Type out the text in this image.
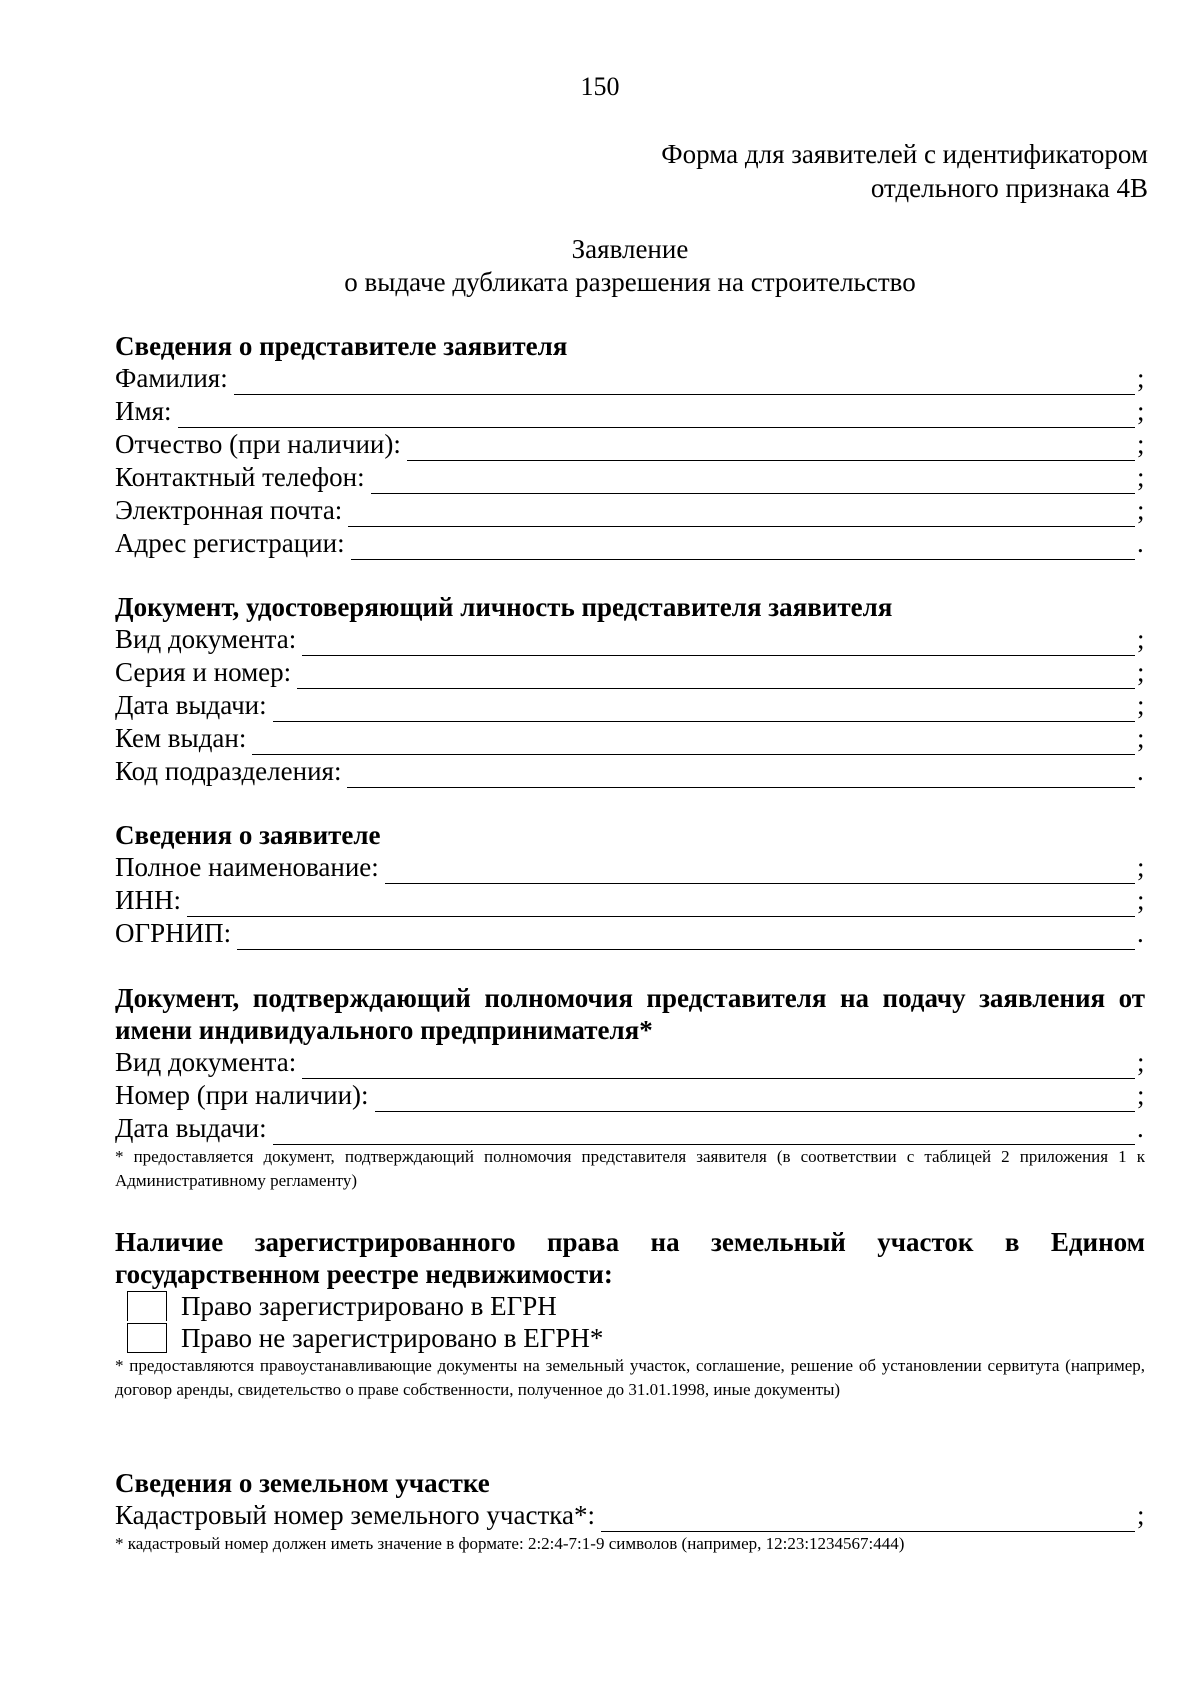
150
Форма для заявителей с идентификатором
отдельного признака 4В
Заявление
о выдаче дубликата разрешения на строительство
Сведения о представителе заявителя
Фамилия:	;
Имя:	;
Отчество (при наличии):	;
Контактный телефон:	;
Электронная почта:	;
Адрес регистрации:	.
Документ, удостоверяющий личность представителя заявителя
Вид документа:	;
Серия и номер:	;
Дата выдачи:	;
Кем выдан:	;
Код подразделения:	.
Сведения о заявителе
Полное наименование:	;
ИНН:	;
ОГРНИП:	.
Документ, подтверждающий полномочия представителя на подачу заявления от имени индивидуального предпринимателя*
Вид документа:	;
Номер (при наличии):	;
Дата выдачи:	.
* предоставляется документ, подтверждающий полномочия представителя заявителя (в соответствии с таблицей 2 приложения 1 к Административному регламенту)
Наличие зарегистрированного права на земельный участок в Едином
государственном реестре недвижимости:
Право зарегистрировано в ЕГРН
Право не зарегистрировано в ЕГРН*
* предоставляются правоустанавливающие документы на земельный участок, соглашение, решение об установлении сервитута (например, договор аренды, свидетельство о праве собственности, полученное до 31.01.1998, иные документы)
Сведения о земельном участке
Кадастровый номер земельного участка*:	;
* кадастровый номер должен иметь значение в формате: 2:2:4-7:1-9 символов (например, 12:23:1234567:444)
